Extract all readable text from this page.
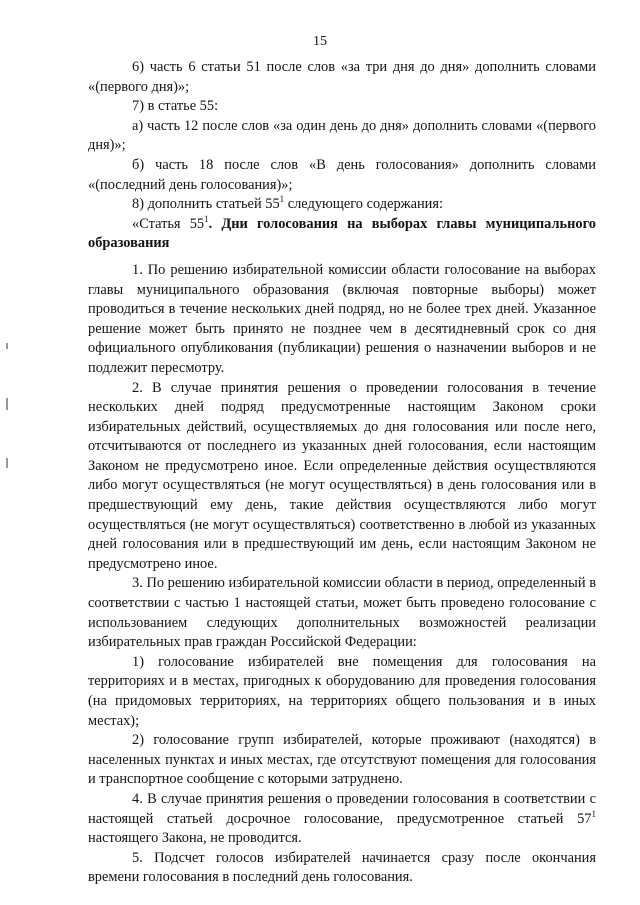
15

6) часть 6 статьи 51 после слов «за три дня до дня» дополнить словами «(первого дня)»;

7) в статье 55:

а) часть 12 после слов «за один день до дня» дополнить словами «(первого дня)»;

б) часть 18 после слов «В день голосования» дополнить словами «(последний день голосования)»;

8) дополнить статьей $55^1$ следующего содержания:

«Статья $55^1$. Дни голосования на выборах главы муниципального образования

1. По решению избирательной комиссии области голосование на выборах главы муниципального образования (включая повторные выборы) может проводиться в течение нескольких дней подряд, но не более трех дней. Указанное решение может быть принято не позднее чем в десятидневный срок со дня официального опубликования (публикации) решения о назначении выборов и не подлежит пересмотру.

2. В случае принятия решения о проведении голосования в течение нескольких дней подряд предусмотренные настоящим Законом сроки избирательных действий, осуществляемых до дня голосования или после него, отсчитываются от последнего из указанных дней голосования, если настоящим Законом не предусмотрено иное. Если определенные действия осуществляются либо могут осуществляться (не могут осуществляться) в день голосования или в предшествующий ему день, такие действия осуществляются либо могут осуществляться (не могут осуществляться) соответственно в любой из указанных дней голосования или в предшествующий им день, если настоящим Законом не предусмотрено иное.

3. По решению избирательной комиссии области в период, определенный в соответствии с частью 1 настоящей статьи, может быть проведено голосование с использованием следующих дополнительных возможностей реализации избирательных прав граждан Российской Федерации:

1) голосование избирателей вне помещения для голосования на территориях и в местах, пригодных к оборудованию для проведения голосования (на придомовых территориях, на территориях общего пользования и в иных местах);

2) голосование групп избирателей, которые проживают (находятся) в населенных пунктах и иных местах, где отсутствуют помещения для голосования и транспортное сообщение с которыми затруднено.

4. В случае принятия решения о проведении голосования в соответствии с настоящей статьей досрочное голосование, предусмотренное статьей $57^1$ настоящего Закона, не проводится.

5. Подсчет голосов избирателей начинается сразу после окончания времени голосования в последний день голосования.
